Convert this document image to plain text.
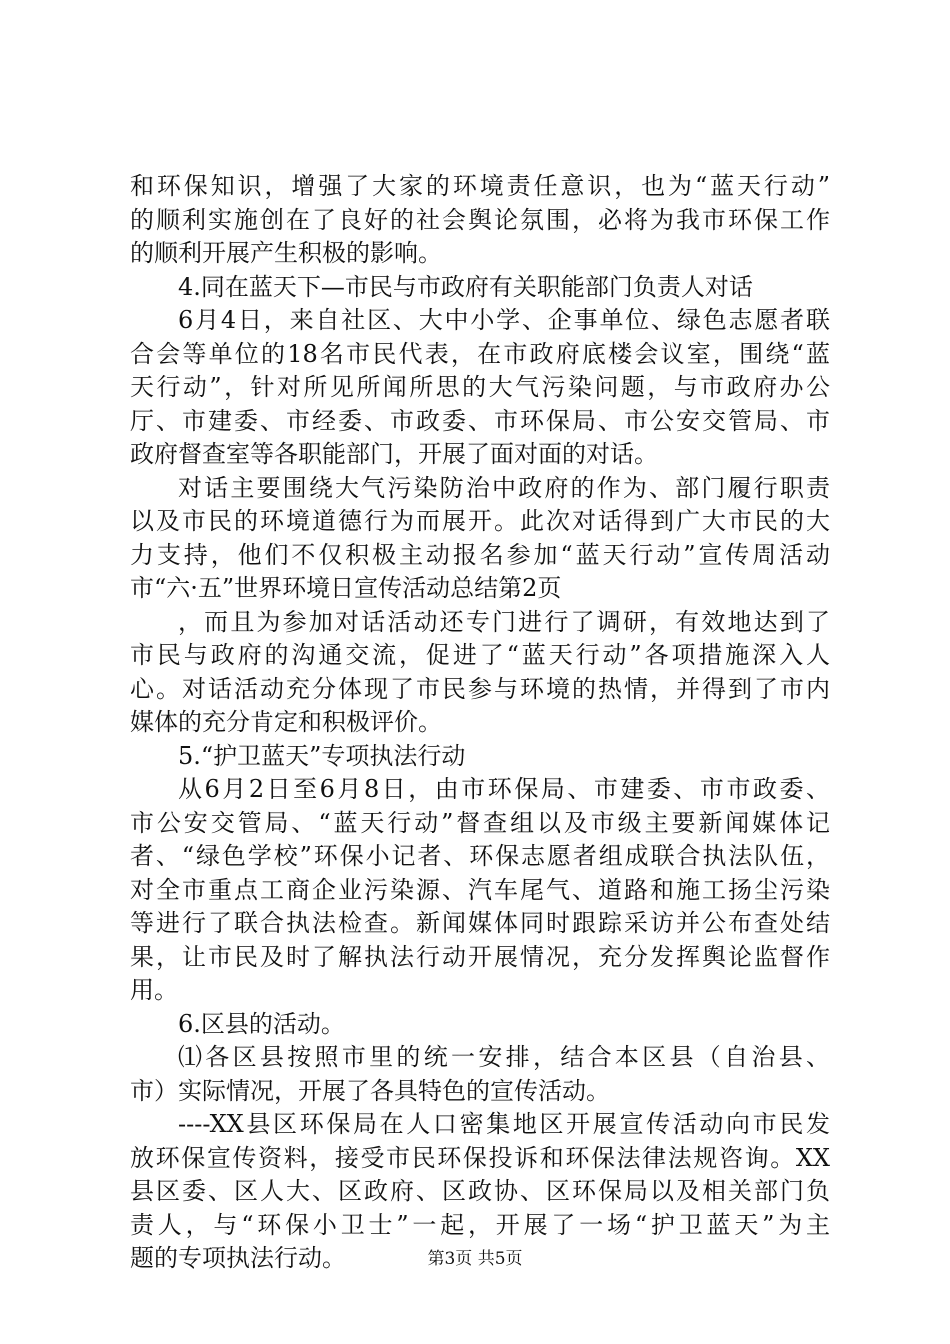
和环保知识，增强了大家的环境责任意识，也为“蓝天行动”
的顺利实施创在了良好的社会舆论氛围，必将为我市环保工作
的顺利开展产生积极的影响。
4.同在蓝天下—市民与市政府有关职能部门负责人对话
6月4日，来自社区、大中小学、企事单位、绿色志愿者联
合会等单位的18名市民代表，在市政府底楼会议室，围绕“蓝
天行动”，针对所见所闻所思的大气污染问题，与市政府办公
厅、市建委、市经委、市政委、市环保局、市公安交管局、市
政府督查室等各职能部门，开展了面对面的对话。
对话主要围绕大气污染防治中政府的作为、部门履行职责
以及市民的环境道德行为而展开。此次对话得到广大市民的大
力支持，他们不仅积极主动报名参加“蓝天行动”宣传周活动
市“六·五”世界环境日宣传活动总结第2页
，而且为参加对话活动还专门进行了调研，有效地达到了
市民与政府的沟通交流，促进了“蓝天行动”各项措施深入人
心。对话活动充分体现了市民参与环境的热情，并得到了市内
媒体的充分肯定和积极评价。
5.“护卫蓝天”专项执法行动
从6月2日至6月8日，由市环保局、市建委、市市政委、
市公安交管局、“蓝天行动”督查组以及市级主要新闻媒体记
者、“绿色学校”环保小记者、环保志愿者组成联合执法队伍，
对全市重点工商企业污染源、汽车尾气、道路和施工扬尘污染
等进行了联合执法检查。新闻媒体同时跟踪采访并公布查处结
果，让市民及时了解执法行动开展情况，充分发挥舆论监督作
用。
6.区县的活动。
⑴各区县按照市里的统一安排，结合本区县（自治县、
市）实际情况，开展了各具特色的宣传活动。
----XX县区环保局在人口密集地区开展宣传活动向市民发
放环保宣传资料，接受市民环保投诉和环保法律法规咨询。XX
县区委、区人大、区政府、区政协、区环保局以及相关部门负
责人，与“环保小卫士”一起，开展了一场“护卫蓝天”为主
题的专项执法行动。	第3页 共5页
